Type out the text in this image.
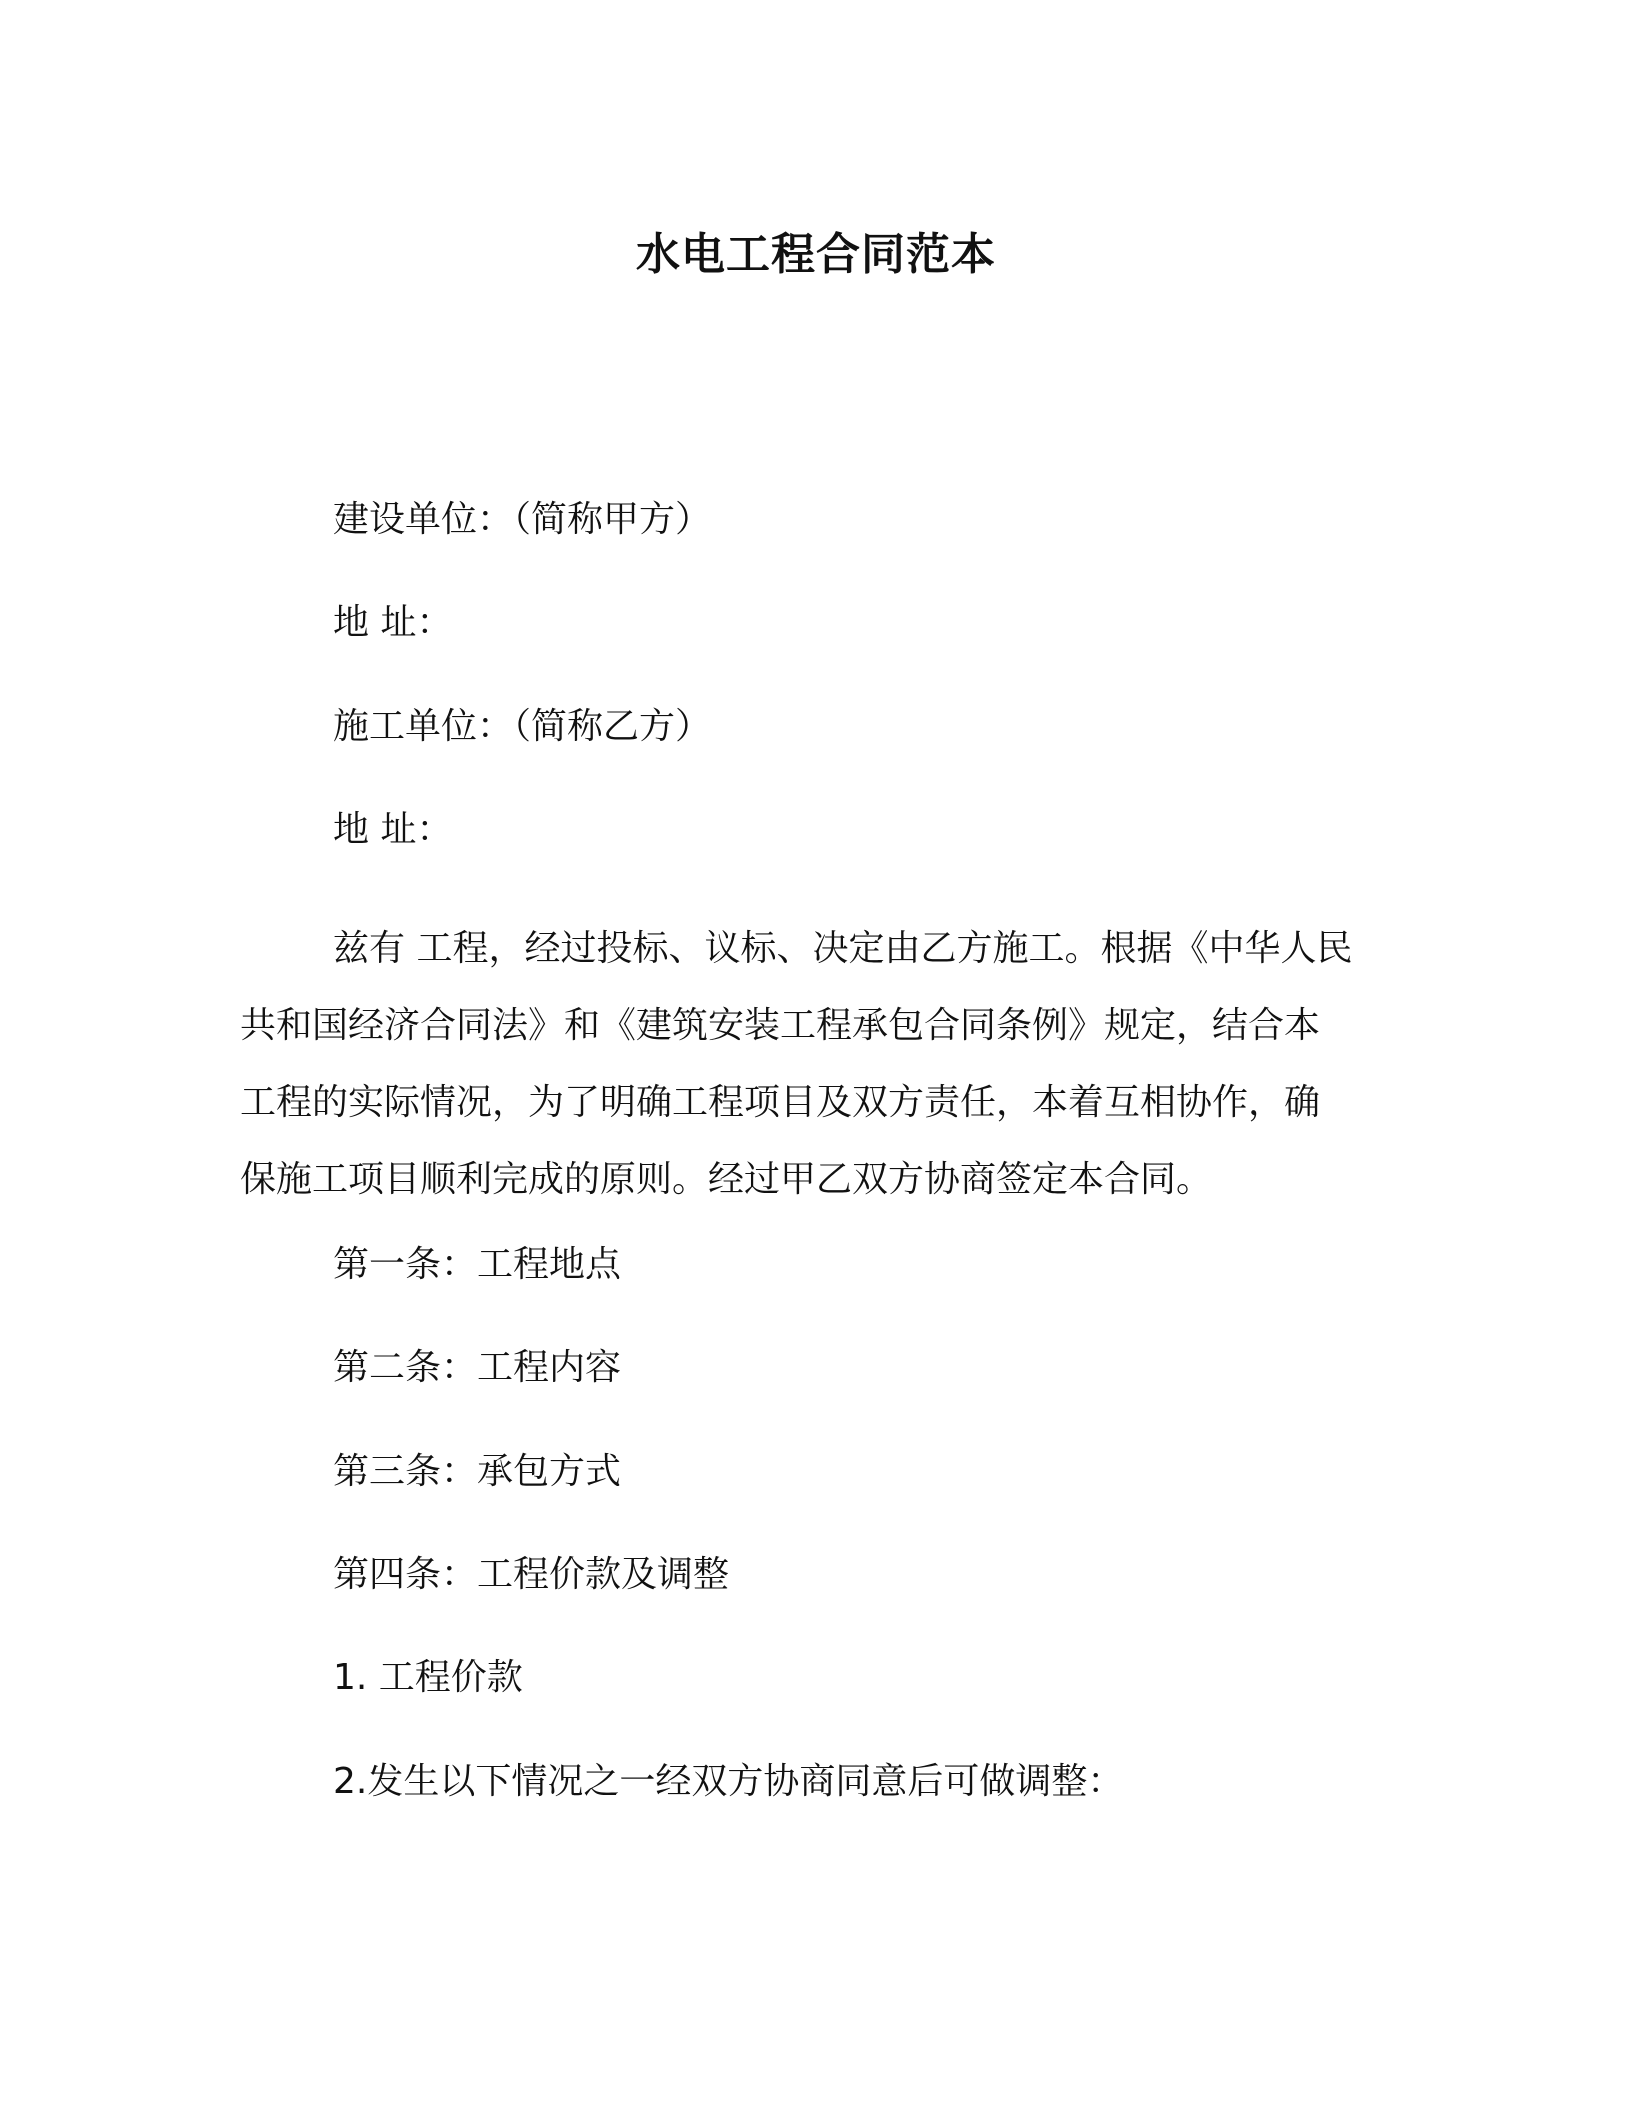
水电工程合同范本
建设单位：（简称甲方）
地 址：
施工单位：（简称乙方）
地 址：
兹有 工程，经过投标、议标、决定由乙方施工。根据《中华人民
共和国经济合同法》和《建筑安装工程承包合同条例》规定，结合本
工程的实际情况，为了明确工程项目及双方责任，本着互相协作，确
保施工项目顺利完成的原则。经过甲乙双方协商签定本合同。
第一条：工程地点
第二条：工程内容
第三条：承包方式
第四条：工程价款及调整
1. 工程价款
2.发生以下情况之一经双方协商同意后可做调整：
